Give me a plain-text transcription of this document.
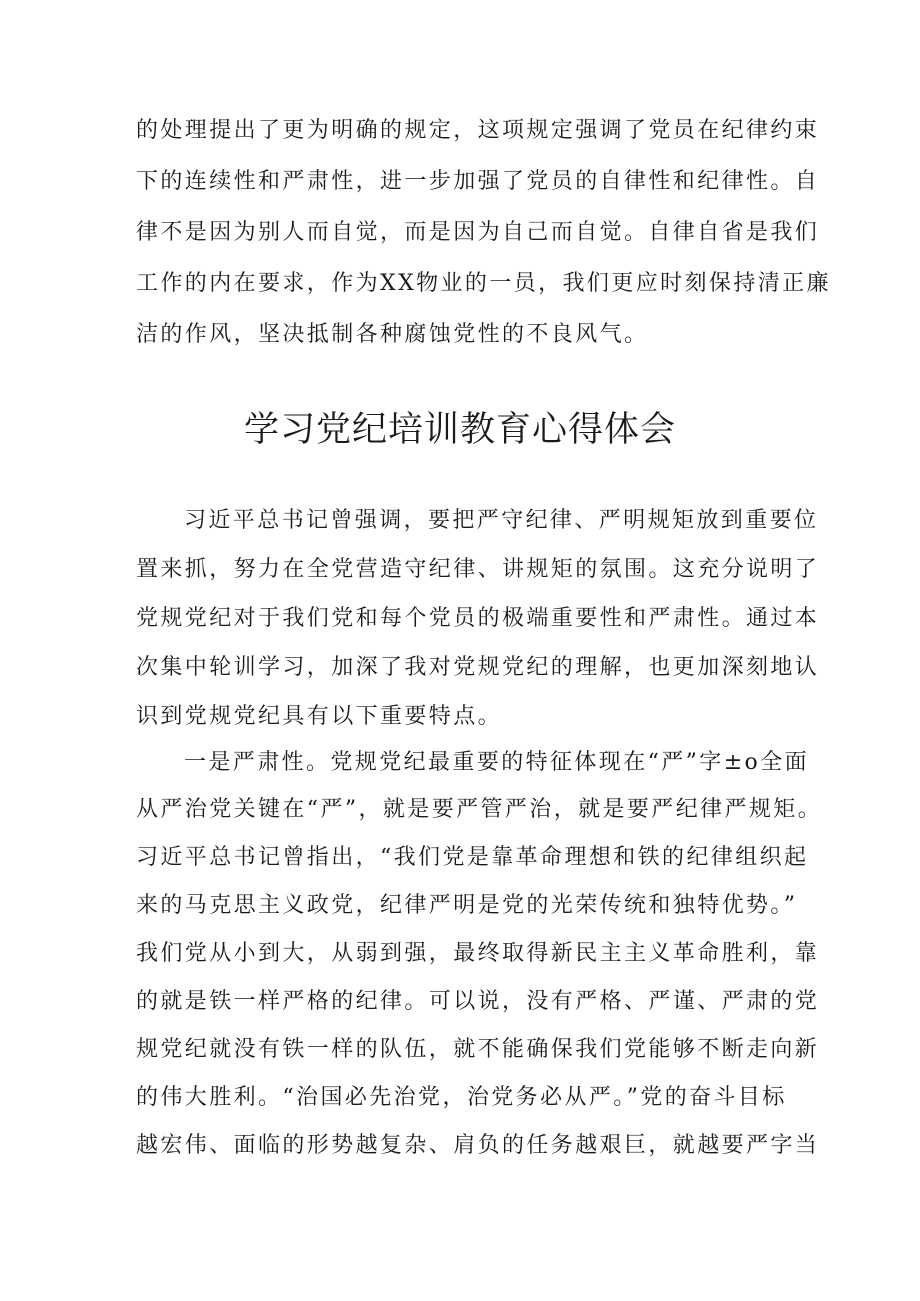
的处理提出了更为明确的规定，这项规定强调了党员在纪律约束
下的连续性和严肃性，进一步加强了党员的自律性和纪律性。自
律不是因为别人而自觉，而是因为自己而自觉。自律自省是我们
工作的内在要求，作为XX物业的一员，我们更应时刻保持清正廉
洁的作风，坚决抵制各种腐蚀党性的不良风气。
学习党纪培训教育心得体会
习近平总书记曾强调，要把严守纪律、严明规矩放到重要位
置来抓，努力在全党营造守纪律、讲规矩的氛围。这充分说明了
党规党纪对于我们党和每个党员的极端重要性和严肃性。通过本
次集中轮训学习，加深了我对党规党纪的理解，也更加深刻地认
识到党规党纪具有以下重要特点。
一是严肃性。党规党纪最重要的特征体现在“严”字±o全面
从严治党关键在“严”，就是要严管严治，就是要严纪律严规矩。
习近平总书记曾指出，“我们党是靠革命理想和铁的纪律组织起
来的马克思主义政党，纪律严明是党的光荣传统和独特优势。”
我们党从小到大，从弱到强，最终取得新民主主义革命胜利，靠
的就是铁一样严格的纪律。可以说，没有严格、严谨、严肃的党
规党纪就没有铁一样的队伍，就不能确保我们党能够不断走向新
的伟大胜利。“治国必先治党，治党务必从严。”党的奋斗目标
越宏伟、面临的形势越复杂、肩负的任务越艰巨，就越要严字当
